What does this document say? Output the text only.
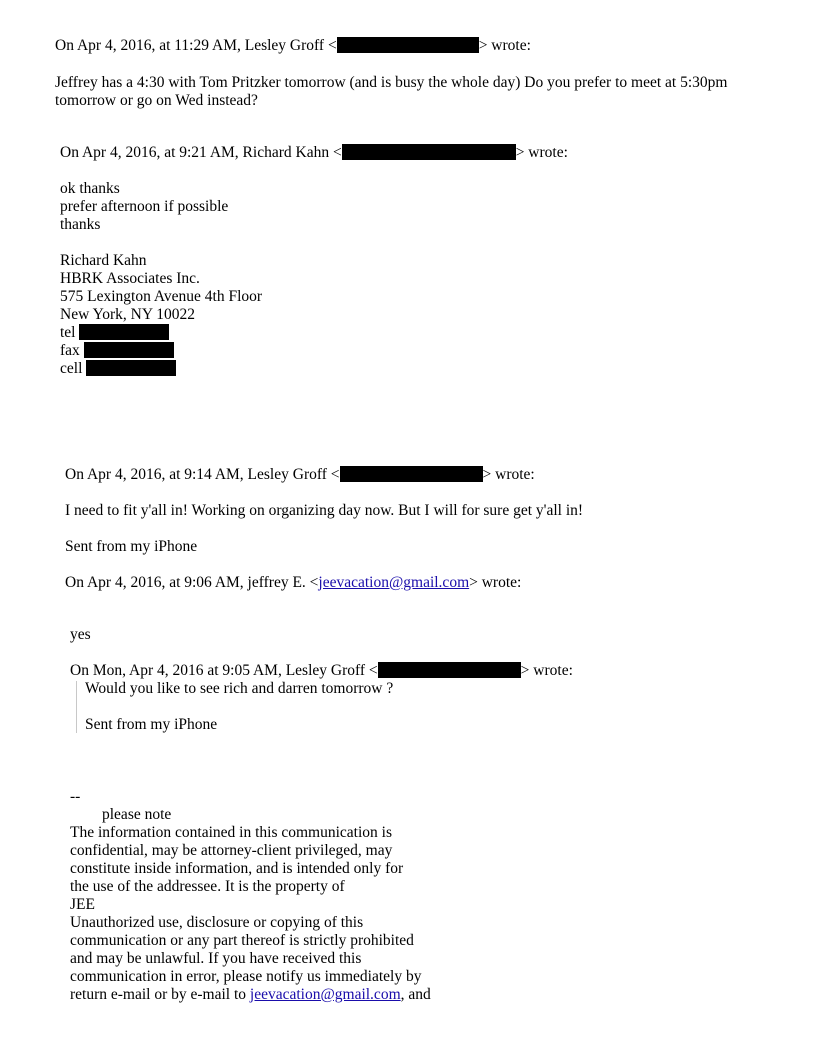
On Apr 4, 2016, at 11:29 AM, Lesley Groff <	> wrote:
Jeffrey has a 4:30 with Tom Pritzker tomorrow (and is busy the whole day) Do you prefer to meet at 5:30pm
tomorrow or go on Wed instead?
On Apr 4, 2016, at 9:21 AM, Richard Kahn <	> wrote:
ok thanks
prefer afternoon if possible
thanks
Richard Kahn
HBRK Associates Inc.
575 Lexington Avenue 4th Floor
New York, NY 10022
tel
fax
cell
On Apr 4, 2016, at 9:14 AM, Lesley Groff <	> wrote:
I need to fit y'all in! Working on organizing day now. But I will for sure get y'all in!
Sent from my iPhone
On Apr 4, 2016, at 9:06 AM, jeffrey E. <jeevacation@gmail.com> wrote:
yes
On Mon, Apr 4, 2016 at 9:05 AM, Lesley Groff <	> wrote:
Would you like to see rich and darren tomorrow ?
Sent from my iPhone
--
please note
The information contained in this communication is
confidential, may be attorney-client privileged, may
constitute inside information, and is intended only for
the use of the addressee. It is the property of
JEE
Unauthorized use, disclosure or copying of this
communication or any part thereof is strictly prohibited
and may be unlawful. If you have received this
communication in error, please notify us immediately by
return e-mail or by e-mail to jeevacation@gmail.com, and
